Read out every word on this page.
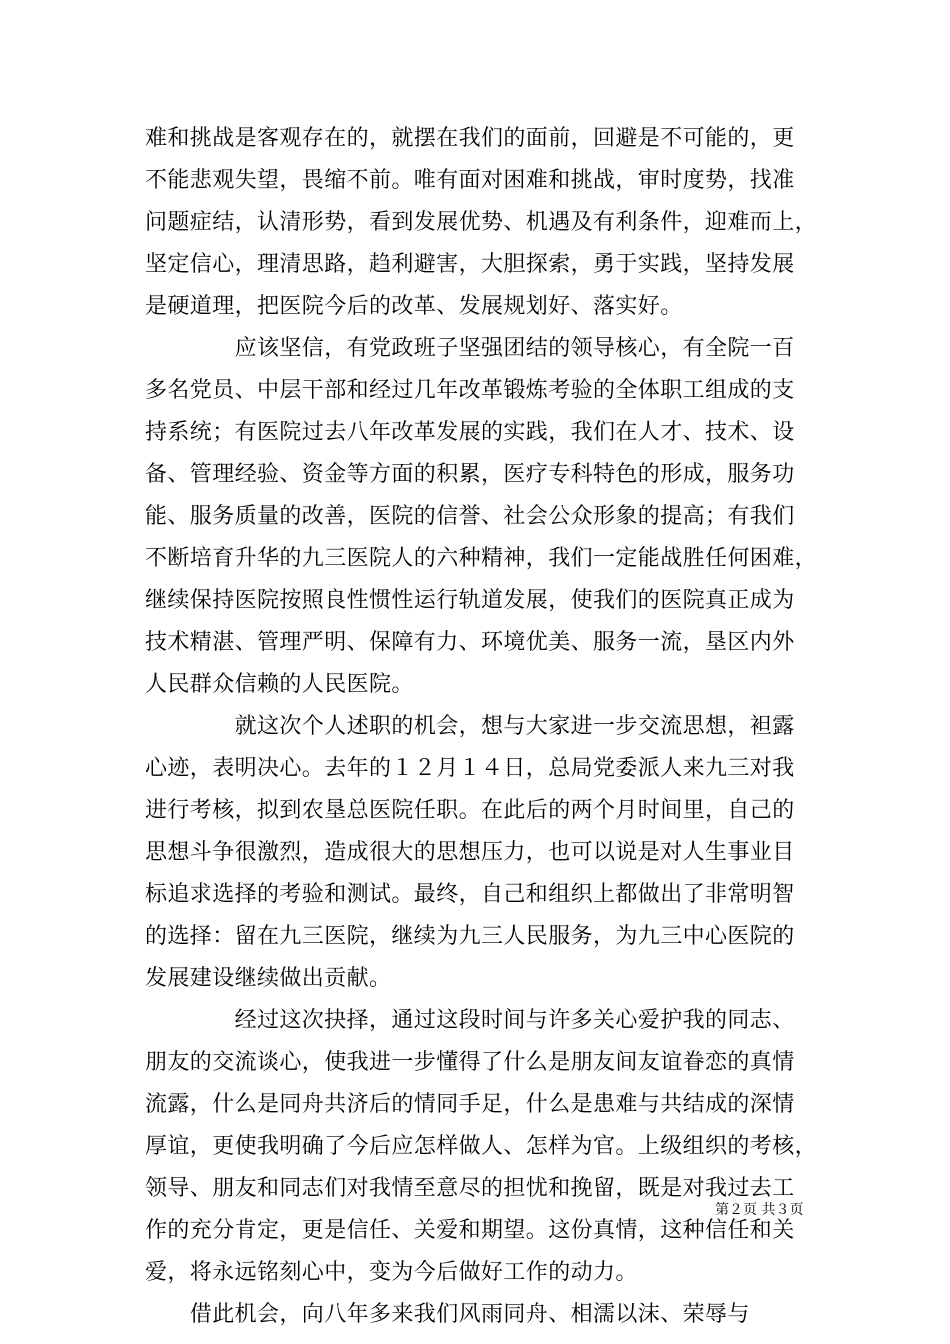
难和挑战是客观存在的，就摆在我们的面前，回避是不可能的，更
不能悲观失望，畏缩不前。唯有面对困难和挑战，审时度势，找准
问题症结，认清形势，看到发展优势、机遇及有利条件，迎难而上，
坚定信心，理清思路，趋利避害，大胆探索，勇于实践，坚持发展
是硬道理，把医院今后的改革、发展规划好、落实好。
　　　　应该坚信，有党政班子坚强团结的领导核心，有全院一百
多名党员、中层干部和经过几年改革锻炼考验的全体职工组成的支
持系统；有医院过去八年改革发展的实践，我们在人才、技术、设
备、管理经验、资金等方面的积累，医疗专科特色的形成，服务功
能、服务质量的改善，医院的信誉、社会公众形象的提高；有我们
不断培育升华的九三医院人的六种精神，我们一定能战胜任何困难，
继续保持医院按照良性惯性运行轨道发展，使我们的医院真正成为
技术精湛、管理严明、保障有力、环境优美、服务一流，垦区内外
人民群众信赖的人民医院。
　　　　就这次个人述职的机会，想与大家进一步交流思想，袒露
心迹，表明决心。去年的１２月１４日，总局党委派人来九三对我
进行考核，拟到农垦总医院任职。在此后的两个月时间里，自己的
思想斗争很激烈，造成很大的思想压力，也可以说是对人生事业目
标追求选择的考验和测试。最终，自己和组织上都做出了非常明智
的选择：留在九三医院，继续为九三人民服务，为九三中心医院的
发展建设继续做出贡献。
　　　　经过这次抉择，通过这段时间与许多关心爱护我的同志、
朋友的交流谈心，使我进一步懂得了什么是朋友间友谊眷恋的真情
流露，什么是同舟共济后的情同手足，什么是患难与共结成的深情
厚谊，更使我明确了今后应怎样做人、怎样为官。上级组织的考核，
领导、朋友和同志们对我情至意尽的担忧和挽留，既是对我过去工
作的充分肯定，更是信任、关爱和期望。这份真情，这种信任和关
爱，将永远铭刻心中，变为今后做好工作的动力。
　　借此机会，向八年多来我们风雨同舟、相濡以沫、荣辱与
第２页 共３页
